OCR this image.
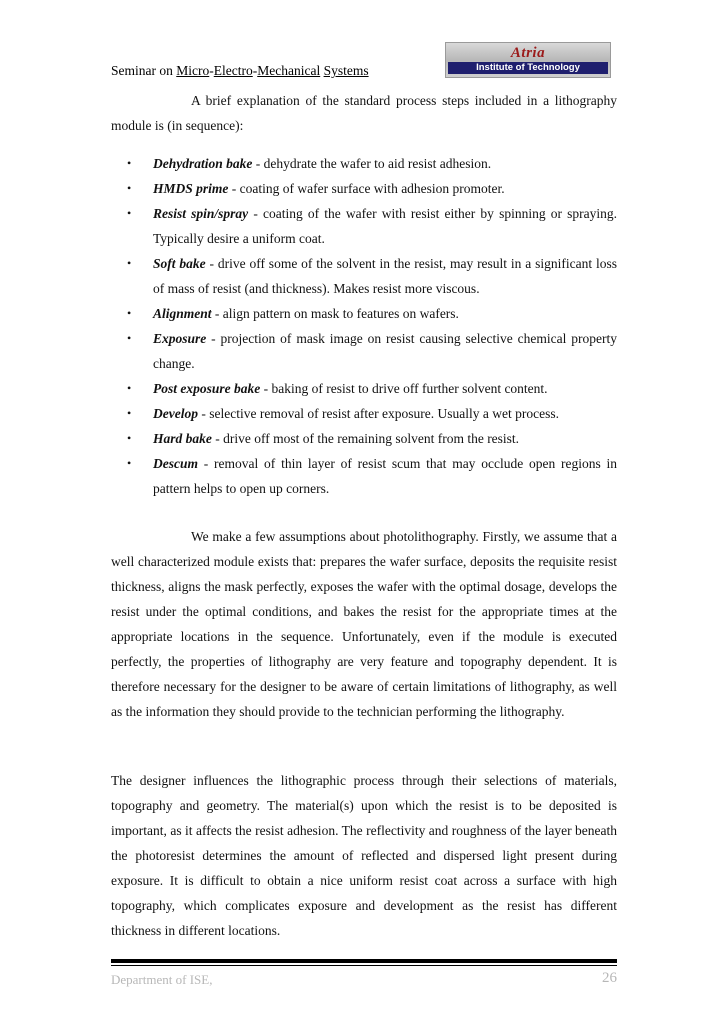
Seminar on Micro-Electro-Mechanical Systems
Atria
Institute of Technology
A brief explanation of the standard process steps included in a lithography module is (in sequence):
• Dehydration bake - dehydrate the wafer to aid resist adhesion.
• HMDS prime - coating of wafer surface with adhesion promoter.
• Resist spin/spray - coating of the wafer with resist either by spinning or spraying. Typically desire a uniform coat.
• Soft bake - drive off some of the solvent in the resist, may result in a significant loss of mass of resist (and thickness). Makes resist more viscous.
• Alignment - align pattern on mask to features on wafers.
• Exposure - projection of mask image on resist causing selective chemical property change.
• Post exposure bake - baking of resist to drive off further solvent content.
• Develop - selective removal of resist after exposure. Usually a wet process.
• Hard bake - drive off most of the remaining solvent from the resist.
• Descum - removal of thin layer of resist scum that may occlude open regions in pattern helps to open up corners.
We make a few assumptions about photolithography. Firstly, we assume that a well characterized module exists that: prepares the wafer surface, deposits the requisite resist thickness, aligns the mask perfectly, exposes the wafer with the optimal dosage, develops the resist under the optimal conditions, and bakes the resist for the appropriate times at the appropriate locations in the sequence. Unfortunately, even if the module is executed perfectly, the properties of lithography are very feature and topography dependent. It is therefore necessary for the designer to be aware of certain limitations of lithography, as well as the information they should provide to the technician performing the lithography.
The designer influences the lithographic process through their selections of materials, topography and geometry. The material(s) upon which the resist is to be deposited is important, as it affects the resist adhesion. The reflectivity and roughness of the layer beneath the photoresist determines the amount of reflected and dispersed light present during exposure. It is difficult to obtain a nice uniform resist coat across a surface with high topography, which complicates exposure and development as the resist has different thickness in different locations.
Department of ISE,	26
